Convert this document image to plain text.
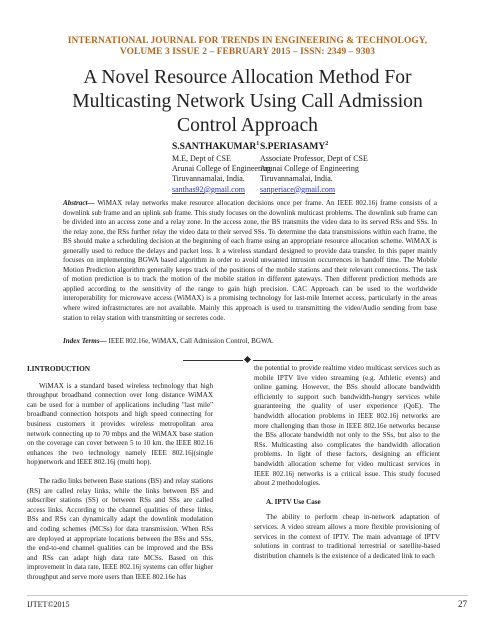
INTERNATIONAL JOURNAL FOR TRENDS IN ENGINEERING & TECHNOLOGY,
VOLUME 3 ISSUE 2 – FEBRUARY 2015 – ISSN: 2349 – 9303
A Novel Resource Allocation Method For
Multicasting Network Using Call Admission
Control Approach
S.SANTHAKUMAR$^1$
M.E, Dept of CSE
Arunai College of Engineering
Tiruvannamalai, India.
santhas92@gmail.com
S.PERIASAMY$^2$
Associate Professor, Dept of CSE
Arunai College of Engineering
Tiruvannamalai, India.
sanperiace@gmail.com
Abstract— WiMAX relay networks make resource allocation decisions once per frame. An IEEE 802.16j frame consists of a downlink sub frame and an uplink sub frame. This study focuses on the downlink multicast problems. The downlink sub frame can be divided into an access zone and a relay zone. In the access zone, the BS transmits the video data to its served RSs and SSs. In the relay zone, the RSs further relay the video data to their served SSs. To determine the data transmissions within each frame, the BS should make a scheduling decision at the beginning of each frame using an appropriate resource allocation scheme. WiMAX is generally used to reduce the delays and packet loss. It a wireless standard designed to provide data transfer. In this paper mainly focuses on implementing BGWA based algorithm in order to avoid unwanted intrusion occurrences in handoff time. The Mobile Motion Prediction algorithm generally keeps track of the positions of the mobile stations and their relevant connections. The task of motion prediction is to track the motion of the mobile station in different gateways. Then different prediction methods are applied according to the sensitivity of the range to gain high precision. CAC Approach can be used to the worldwide interoperability for microwave access (WiMAX) is a promising technology for last-mile Internet access, particularly in the areas where wired infrastructures are not available. Mainly this approach is used to transmitting the video/Audio sending from base station to relay station with transmitting or secretes code.
Index Terms— IEEE 802.16e, WiMAX, Call Admission Control, BGWA.
I.INTRODUCTION

WiMAX is a standard based wireless technology that high throughput broadband connection over long distance WiMAX can be used for a number of applications including "last mile" broadband connection hotspots and high speed connecting for business customers it provides wireless metropolitan area network connecting up to 70 mbps and the WiMAX base station on the coverage can cover between 5 to 10 km. the IEEE 802.16 enhances the two technology namely IEEE 802.16j(single hop)network and IEEE 802.16j (multi hop).

The radio links between Base stations (BS) and relay stations (RS) are called relay links, while the links between BS and subscriber stations (SS) or between RSs and SSs are called access links. According to the channel qualities of these links, BSs and RSs can dynamically adapt the downlink modulation and coding schemes (MCSs) for data transmission. When RSs are deployed at appropriate locations between the BSs and SSs, the end-to-end channel qualities can be improved and the BSs and RSs can adapt high data rate MCSs. Based on this improvement in data rate, IEEE 802.16j systems can offer higher throughput and serve more users than IEEE 802.16e has

the potential to provide realtime video multicast services such as mobile IPTV live video streaming (e.g. Athletic events) and online gaming. However, the BSs should allocate bandwidth efficiently to support such bandwidth-hungry services while guaranteeing the quality of user experience (QoE). The bandwidth allocation problems in IEEE 802.16j networks are more challenging than those in IEEE 802.16e networks because the BSs allocate bandwidth not only to the SSs, but also to the RSs. Multicasting also complicates the bandwidth allocation problems. In light of these factors, designing an efficient bandwidth allocation scheme for video multicast services in IEEE 802.16j networks is a critical issue. This study focused about 2 methodologies.

A. IPTV Use Case

The ability to perform cheap in-network adaptation of services. A video stream allows a more flexible provisioning of services in the context of IPTV. The main advantage of IPTV solutions in contrast to traditional terrestrial or satellite-based distribution channels is the existence of a dedicated link to each

IJTET©2015	27
